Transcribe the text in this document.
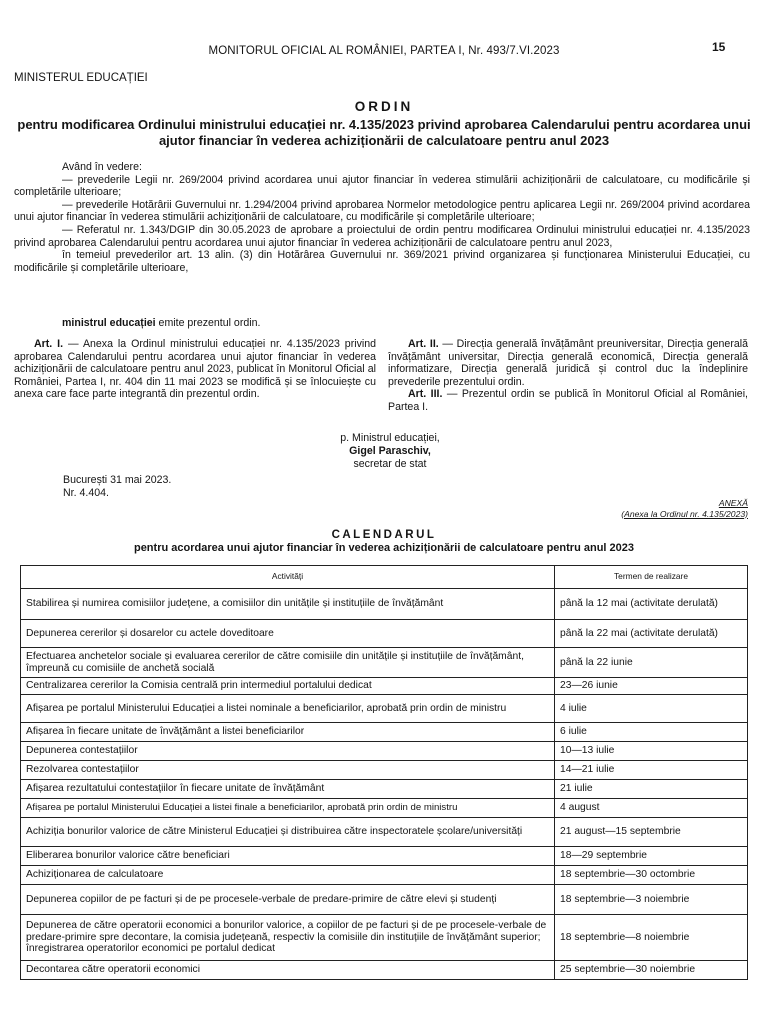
MONITORUL OFICIAL AL ROMÂNIEI, PARTEA I, Nr. 493/7.VI.2023	15
MINISTERUL EDUCAȚIEI
ORDIN
pentru modificarea Ordinului ministrului educației nr. 4.135/2023 privind aprobarea Calendarului pentru acordarea unui ajutor financiar în vederea achiziționării de calculatoare pentru anul 2023

Având în vedere:

— prevederile Legii nr. 269/2004 privind acordarea unui ajutor financiar în vederea stimulării achiziționării de calculatoare, cu modificările și completările ulterioare;

— prevederile Hotărârii Guvernului nr. 1.294/2004 privind aprobarea Normelor metodologice pentru aplicarea Legii nr. 269/2004 privind acordarea unui ajutor financiar în vederea stimulării achiziționării de calculatoare, cu modificările și completările ulterioare;

— Referatul nr. 1.343/DGIP din 30.05.2023 de aprobare a proiectului de ordin pentru modificarea Ordinului ministrului educației nr. 4.135/2023 privind aprobarea Calendarului pentru acordarea unui ajutor financiar în vederea achiziționării de calculatoare pentru anul 2023,

în temeiul prevederilor art. 13 alin. (3) din Hotărârea Guvernului nr. 369/2021 privind organizarea și funcționarea Ministerului Educației, cu modificările și completările ulterioare,

ministrul educației emite prezentul ordin.

Art. I. — Anexa la Ordinul ministrului educației nr. 4.135/2023 privind aprobarea Calendarului pentru acordarea unui ajutor financiar în vederea achiziționării de calculatoare pentru anul 2023, publicat în Monitorul Oficial al României, Partea I, nr. 404 din 11 mai 2023 se modifică și se înlocuiește cu anexa care face parte integrantă din prezentul ordin.

Art. II. — Direcția generală învățământ preuniversitar, Direcția generală învățământ universitar, Direcția generală economică, Direcția generală informatizare, Direcția generală juridică și control duc la îndeplinire prevederile prezentului ordin.

Art. III. — Prezentul ordin se publică în Monitorul Oficial al României, Partea I.

p. Ministrul educației,
Gigel Paraschiv,
secretar de stat
București 31 mai 2023.
Nr. 4.404.
ANEXĂ
(Anexa la Ordinul nr. 4.135/2023)
CALENDARUL
pentru acordarea unui ajutor financiar în vederea achiziționării de calculatoare pentru anul 2023
Activități	Termen de realizare
Stabilirea și numirea comisiilor județene, a comisiilor din unitățile și instituțiile de învățământ	până la 12 mai (activitate derulată)
Depunerea cererilor și dosarelor cu actele doveditoare	până la 22 mai (activitate derulată)
Efectuarea anchetelor sociale și evaluarea cererilor de către comisiile din unitățile și instituțiile de învățământ, împreună cu comisiile de anchetă socială	până la 22 iunie
Centralizarea cererilor la Comisia centrală prin intermediul portalului dedicat	23—26 iunie
Afișarea pe portalul Ministerului Educației a listei nominale a beneficiarilor, aprobată prin ordin de ministru	4 iulie
Afișarea în fiecare unitate de învățământ a listei beneficiarilor	6 iulie
Depunerea contestațiilor	10—13 iulie
Rezolvarea contestațiilor	14—21 iulie
Afișarea rezultatului contestațiilor în fiecare unitate de învățământ	21 iulie
Afișarea pe portalul Ministerului Educației a listei finale a beneficiarilor, aprobată prin ordin de ministru	4 august
Achiziția bonurilor valorice de către Ministerul Educației și distribuirea către inspectoratele școlare/universități	21 august—15 septembrie
Eliberarea bonurilor valorice către beneficiari	18—29 septembrie
Achiziționarea de calculatoare	18 septembrie—30 octombrie
Depunerea copiilor de pe facturi și de pe procesele-verbale de predare-primire de către elevi și studenți	18 septembrie—3 noiembrie
Depunerea de către operatorii economici a bonurilor valorice, a copiilor de pe facturi și de pe procesele-verbale de predare-primire spre decontare, la comisia județeană, respectiv la comisiile din instituțiile de învățământ superior; înregistrarea operatorilor economici pe portalul dedicat	18 septembrie—8 noiembrie
Decontarea către operatorii economici	25 septembrie—30 noiembrie
